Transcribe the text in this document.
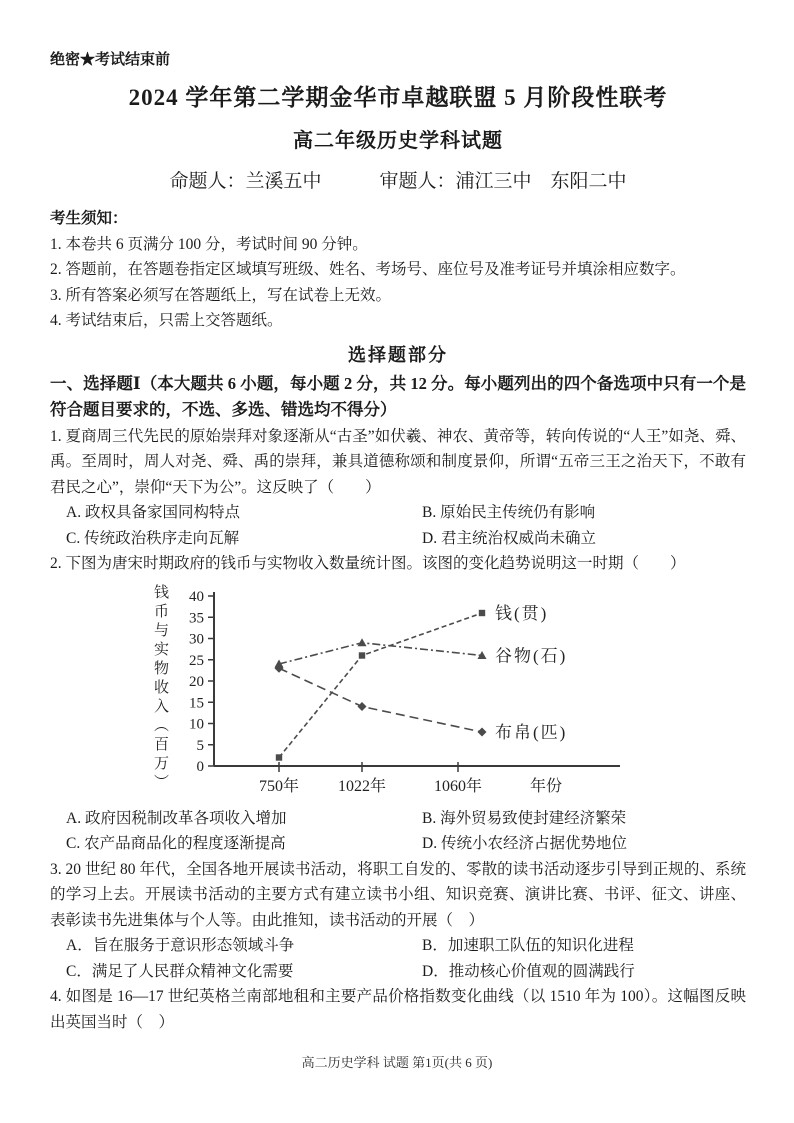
绝密★考试结束前
2024 学年第二学期金华市卓越联盟 5 月阶段性联考
高二年级历史学科试题
命题人：兰溪五中	审题人：浦江三中　东阳二中
考生须知：
1. 本卷共 6 页满分 100 分，考试时间 90 分钟。
2. 答题前，在答题卷指定区域填写班级、姓名、考场号、座位号及准考证号并填涂相应数字。
3. 所有答案必须写在答题纸上，写在试卷上无效。
4. 考试结束后，只需上交答题纸。
选择题部分

一、选择题Ⅰ（本大题共 6 小题，每小题 2 分，共 12 分。每小题列出的四个备选项中只有一个是符合题目要求的，不选、多选、错选均不得分）

1. 夏商周三代先民的原始崇拜对象逐渐从“古圣”如伏羲、神农、黄帝等，转向传说的“人王”如尧、舜、禹。至周时，周人对尧、舜、禹的崇拜，兼具道德称颂和制度景仰，所谓“五帝三王之治天下，不敢有君民之心”，崇仰“天下为公”。这反映了（　　）

A. 政权具备家国同构特点	B. 原始民主传统仍有影响
C. 传统政治秩序走向瓦解	D. 君主统治权威尚未确立

2. 下图为唐宋时期政府的钱币与实物收入数量统计图。该图的变化趋势说明这一时期（　　）

钱币与实物收入（百万）	0
5
10
15
20
25
30
35
40
750年 1022年	1060年	年份
钱(贯)
谷物(石)
布帛(匹)
A. 政府因税制改革各项收入增加	B. 海外贸易致使封建经济繁荣
C. 农产品商品化的程度逐渐提高	D. 传统小农经济占据优势地位

3. 20 世纪 80 年代，全国各地开展读书活动，将职工自发的、零散的读书活动逐步引导到正规的、系统的学习上去。开展读书活动的主要方式有建立读书小组、知识竞赛、演讲比赛、书评、征文、讲座、表彰读书先进集体与个人等。由此推知，读书活动的开展（　）

A．旨在服务于意识形态领域斗争	B．加速职工队伍的知识化进程
C．满足了人民群众精神文化需要	D．推动核心价值观的圆满践行

4. 如图是 16—17 世纪英格兰南部地租和主要产品价格指数变化曲线（以 1510 年为 100）。这幅图反映出英国当时（　）

高二历史学科 试题 第1页(共 6 页)
